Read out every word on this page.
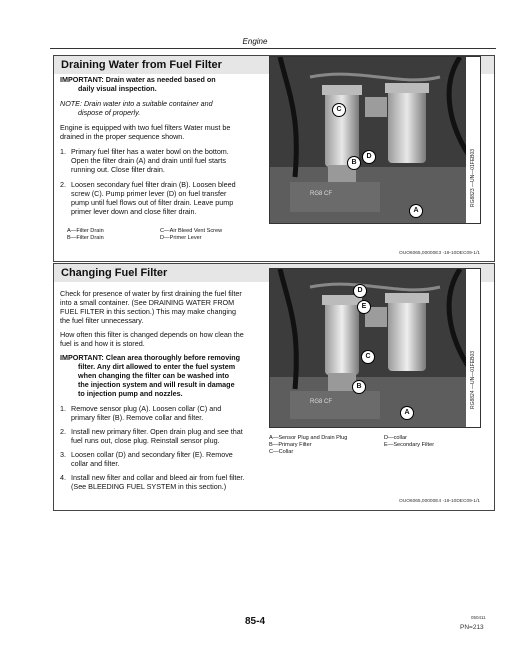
Engine
Draining Water from Fuel Filter
IMPORTANT: Drain water as needed based on
daily visual inspection.
NOTE: Drain water into a suitable container and
dispose of properly.
Engine is equipped with two fuel filters Water must be
drained in the proper sequence shown.
1. Primary fuel filter has a water bowl on the bottom.
Open the filter drain (A) and drain until fuel starts
running out. Close filter drain.
2. Loosen secondary fuel filter drain (B). Loosen bleed
screw (C). Pump primer lever (D) on fuel transfer
pump until fuel flows out of filter drain. Leave pump
primer lever down and close filter drain.
A—Filter Drain
B—Filter Drain
C—Air Bleed Vent Screw
D—Primer Lever
RG8 CF
C
B
D
A
RG8823 —UN—01FEB03
OUO6065,00000E3 -19-10DEC09-1/1
Changing Fuel Filter
Check for presence of water by first draining the fuel filter
into a small container. (See DRAINING WATER FROM
FUEL FILTER in this section.) This may make changing
the fuel filter unnecessary.
How often this filter is changed depends on how clean the
fuel is and how it is stored.
IMPORTANT: Clean area thoroughly before removing
filter. Any dirt allowed to enter the fuel system
when changing the filter can be washed into
the injection system and will result in damage
to injection pump and nozzles.
1. Remove sensor plug (A). Loosen collar (C) and
primary filter (B). Remove collar and filter.
2. Install new primary filter. Open drain plug and see that
fuel runs out, close plug. Reinstall sensor plug.
3. Loosen collar (D) and secondary filter (E). Remove
collar and filter.
4. Install new filter and collar and bleed air from fuel filter.
(See BLEEDING FUEL SYSTEM in this section.)
RG8 CF
D
E
C
B
A
RG8824 —UN—01FEB03
A—Sensor Plug and Drain Plug
B—Primary Filter
C—Collar
D—collar
E—Secondary Filter
OUO6065,00000E4 -19-10DEC09-1/1
85-4	050411
PN=213
